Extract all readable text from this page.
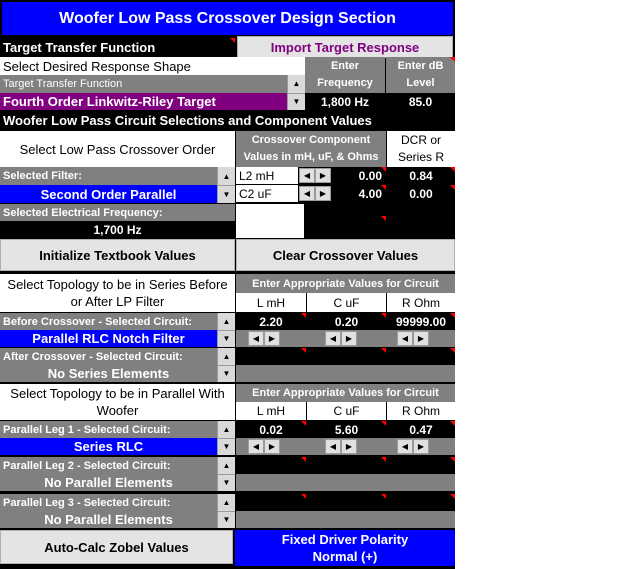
Woofer Low Pass Crossover Design Section
Target Transfer Function	Import Target Response
Select Desired Response Shape	Enter Frequency
Enter dB Level
Target Transfer Function	▲
▼
Fourth Order Linkwitz-Riley Target	1,800 Hz	85.0
Woofer Low Pass Circuit Selections and Component Values
Select Low Pass Crossover Order
Crossover Component Values in mH, uF, & Ohms
DCR or Series R
Selected Filter:	▲
▼
Second Order Parallel
L2 mH	◀	▶	0.00	0.84
C2 uF	◀	▶	4.00	0.00
Selected Electrical Frequency:
1,700 Hz
Initialize Textbook Values	Clear Crossover Values
Select Topology to be in Series Before or After LP Filter
Enter Appropriate Values for Circuit
L mH	C uF	R Ohm
Before Crossover - Selected Circuit:	▲
▼
Parallel RLC Notch Filter
2.20	0.20	99999.00
◀	▶	◀	▶	◀	▶
After Crossover - Selected Circuit:	▲
▼
No Series Elements
Select Topology to be in Parallel With Woofer
Enter Appropriate Values for Circuit
L mH	C uF	R Ohm
Parallel Leg 1 - Selected Circuit:	▲
▼
Series RLC
0.02	5.60	0.47
◀	▶	◀	▶	◀	▶
Parallel Leg 2 - Selected Circuit:	▲
▼
No Parallel Elements
Parallel Leg 3 - Selected Circuit:	▲
▼
No Parallel Elements
Auto-Calc Zobel Values	Fixed Driver Polarity
Normal (+)
